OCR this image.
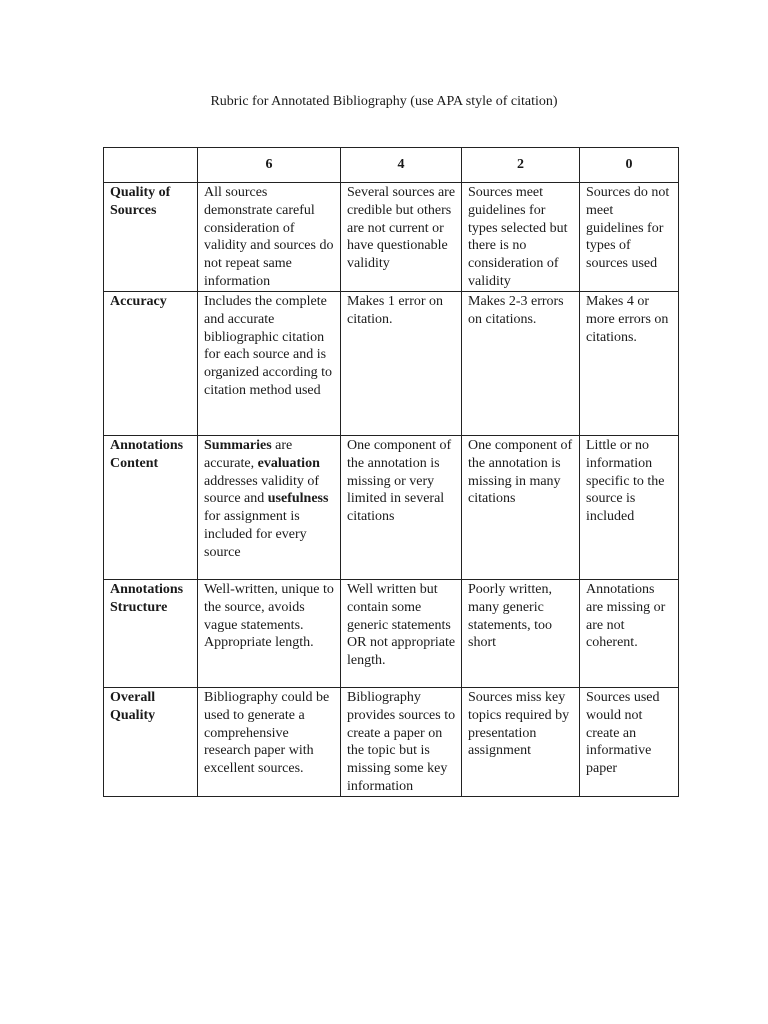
Rubric for Annotated Bibliography (use APA style of citation)
	6	4	2	0
Quality of Sources	All sources demonstrate careful consideration of validity and sources do not repeat same information	Several sources are credible but others are not current or have questionable validity	Sources meet guidelines for types selected but there is no consideration of validity	Sources do not meet guidelines for types of sources used
Accuracy	Includes the complete and accurate bibliographic citation for each source and is organized according to citation method used	Makes 1 error on citation.	Makes 2-3 errors on citations.	Makes 4 or more errors on citations.
Annotations Content	Summaries are accurate, evaluation addresses validity of source and usefulness for assignment is included for every source	One component of the annotation is missing or very limited in several citations	One component of the annotation is missing in many citations	Little or no information specific to the source is included
Annotations Structure	Well-written, unique to the source, avoids vague statements. Appropriate length.	Well written but contain some generic statements OR not appropriate length.	Poorly written, many generic statements, too short	Annotations are missing or are not coherent.
Overall Quality	Bibliography could be used to generate a comprehensive research paper with excellent sources.	Bibliography provides sources to create a paper on the topic but is missing some key information	Sources miss key topics required by presentation assignment	Sources used would not create an informative paper
